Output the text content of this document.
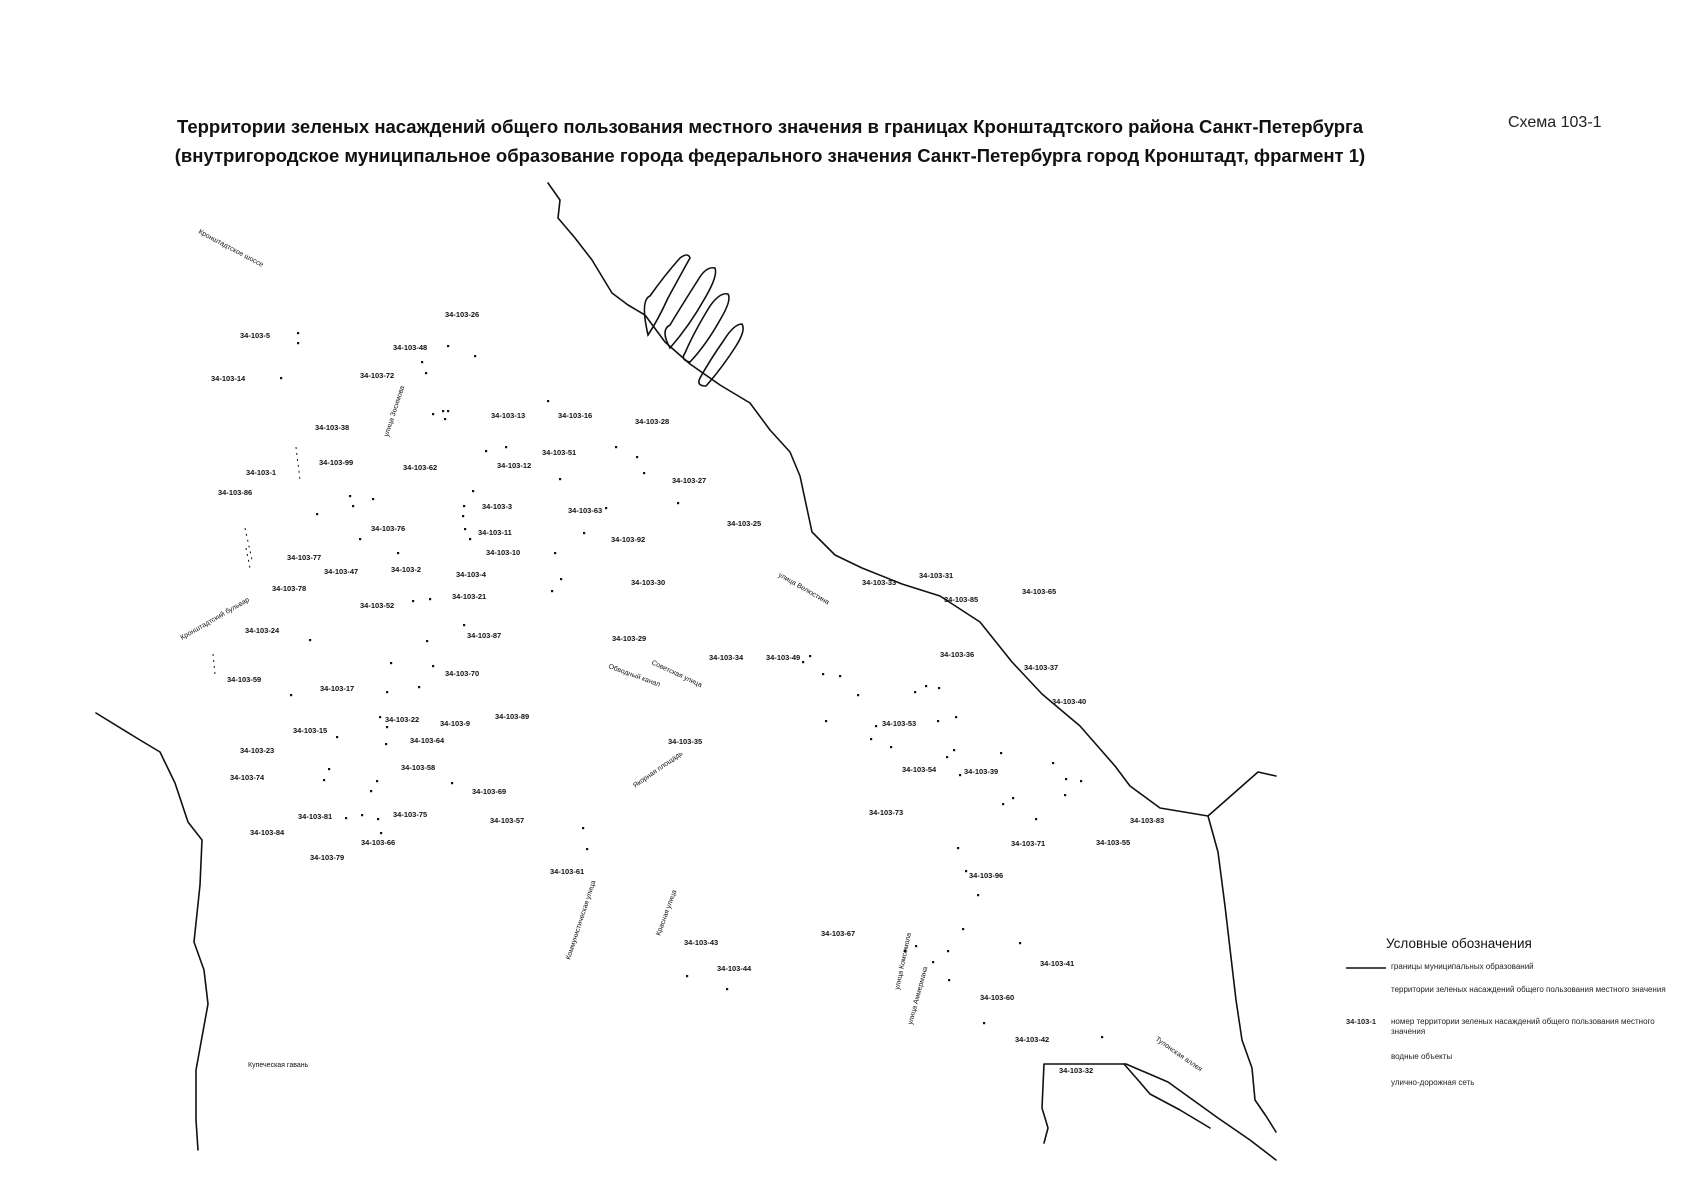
Территории зеленых насаждений общего пользования местного значения в границах Кронштадтского района Санкт-Петербурга
(внутригородское муниципальное образование города федерального значения Санкт-Петербурга город Кронштадт, фрагмент 1)
Схема 103-1
34-103-26
34-103-5
34-103-48
34-103-14	34-103-72
34-103-13	34-103-16
34-103-28
34-103-38
34-103-99
34-103-51
34-103-12
34-103-62
34-103-1
34-103-27
34-103-86
34-103-3	34-103-63
34-103-76	34-103-11
34-103-92
34-103-25
34-103-10
34-103-77
34-103-47	34-103-2
34-103-4
34-103-78
34-103-21
34-103-30	34-103-33
34-103-31
34-103-85
34-103-65
34-103-52
34-103-24
34-103-87	34-103-29
34-103-34	34-103-49	34-103-36
34-103-37
34-103-59
34-103-17
34-103-70
34-103-40
34-103-15
34-103-22	34-103-9
34-103-89
34-103-53
34-103-23
34-103-64	34-103-35
34-103-74
34-103-58	34-103-54
34-103-69
34-103-39
34-103-57
34-103-81	34-103-75	34-103-73
34-103-84
34-103-66
34-103-79
34-103-83
34-103-71
34-103-96
34-103-55
34-103-61
34-103-43
34-103-67
34-103-44
34-103-41
34-103-60
34-103-42
34-103-32
Кронштадтское шоссе
улица Зосимова
улица Велюстина
Кронштадтский бульвар
Советская улица
Обводный канал
Якорная площадь
Коммунистическая улица	Красная улица
улица Комсомола
улица Аммермана
Тулонская аллея
Купеческая гавань
Условные обозначения
границы муниципальных образований
территории зеленых насаждений общего пользования местного значения
34-103-1	номер территории зеленых насаждений общего пользования местного значения
водные объекты
улично-дорожная сеть
